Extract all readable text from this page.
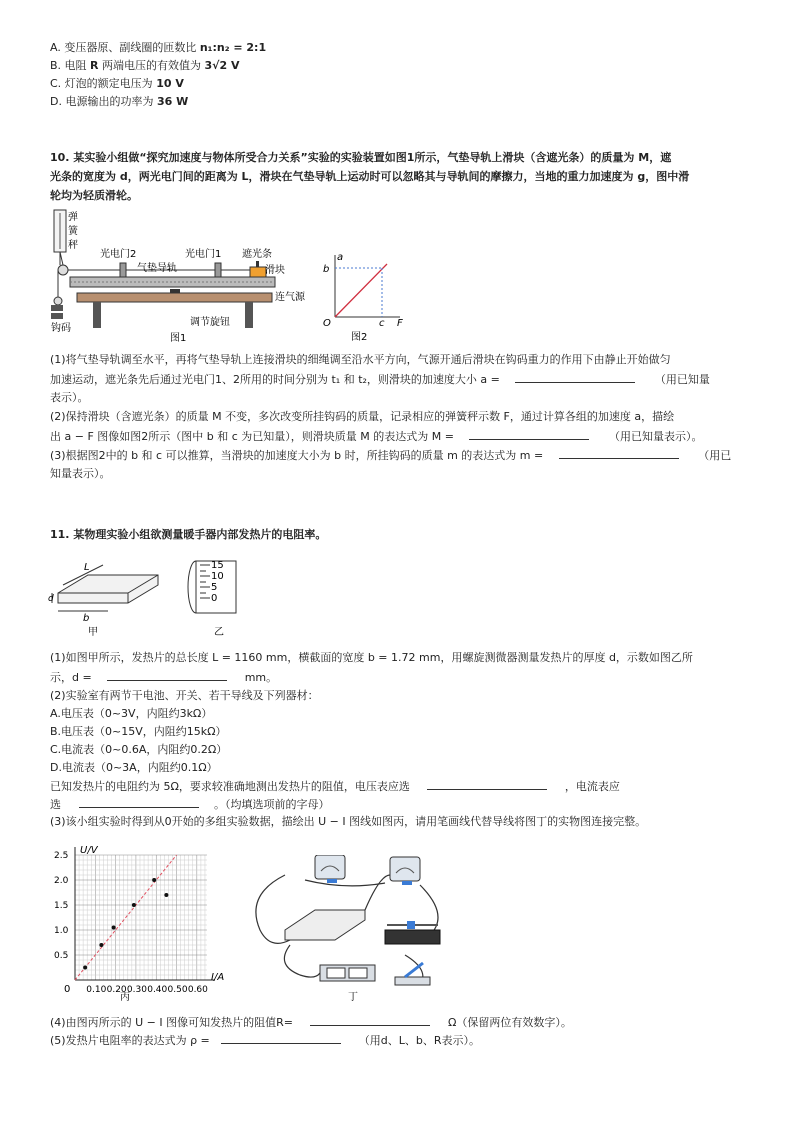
A. 变压器原、副线圈的匝数比 n₁:n₂ = 2:1
B. 电阻 R 两端电压的有效值为 3√2 V
C. 灯泡的额定电压为 10 V
D. 电源输出的功率为 36 W
10. 某实验小组做“探究加速度与物体所受合力关系”实验的实验装置如图1所示，气垫导轨上滑块（含遮光条）的质量为 M，遮
光条的宽度为 d，两光电门间的距离为 L，滑块在气垫导轨上运动时可以忽略其与导轨间的摩擦力，当地的重力加速度为 g，图中滑
轮均为轻质滑轮。
弹
簧
秤
钩码
光电门2	光电门1
气垫导轨
遮光条
滑块
连气源
调节旋钮
图1
a
b
O	c F
图2
(1)将气垫导轨调至水平，再将气垫导轨上连接滑块的细绳调至沿水平方向，气源开通后滑块在钩码重力的作用下由静止开始做匀
加速运动，遮光条先后通过光电门1、2所用的时间分别为 t₁ 和 t₂，则滑块的加速度大小 a =	（用已知量
表示）。
(2)保持滑块（含遮光条）的质量 M 不变，多次改变所挂钩码的质量，记录相应的弹簧秤示数 F，通过计算各组的加速度 a，描绘
出 a − F 图像如图2所示（图中 b 和 c 为已知量），则滑块质量 M 的表达式为 M =	（用已知量表示）。
(3)根据图2中的 b 和 c 可以推算，当滑块的加速度大小为 b 时，所挂钩码的质量 m 的表达式为 m =	（用已
知量表示）。
11. 某物理实验小组欲测量暖手器内部发热片的电阻率。
L
d
b
甲
15
10
5
0
乙
(1)如图甲所示，发热片的总长度 L = 1160 mm，横截面的宽度 b = 1.72 mm，用螺旋测微器测量发热片的厚度 d，示数如图乙所
示，d =	mm。
(2)实验室有两节干电池、开关、若干导线及下列器材：
A.电压表（0~3V，内阻约3kΩ）
B.电压表（0~15V，内阻约15kΩ）
C.电流表（0~0.6A，内阻约0.2Ω）
D.电流表（0~3A，内阻约0.1Ω）
已知发热片的电阻约为 5Ω，要求较准确地测出发热片的阻值，电压表应选	，电流表应
选	。（均填选项前的字母）
(3)该小组实验时得到从0开始的多组实验数据，描绘出 U − I 图线如图丙，请用笔画线代替导线将图丁的实物图连接完整。
0.10 0.20 0.30 0.40 0.50 0.60
0.5
1.0
1.5
2.0
2.5
0
U/V
I/A
丙	丁
(4)由图丙所示的 U − I 图像可知发热片的阻值R=	Ω（保留两位有效数字）。
(5)发热片电阻率的表达式为 ρ =	（用d、L、b、R表示）。
